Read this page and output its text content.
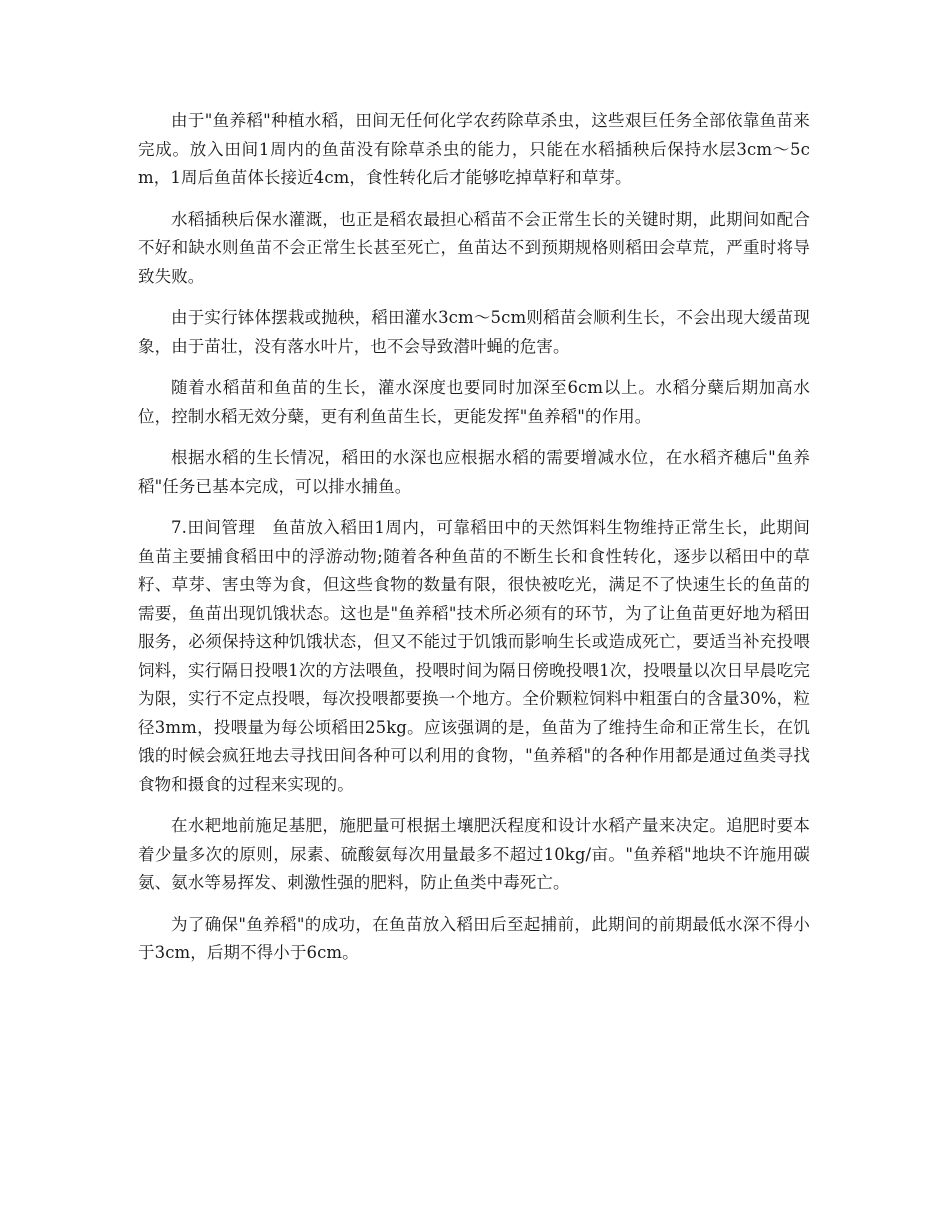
由于"鱼养稻"种植水稻，田间无任何化学农药除草杀虫，这些艰巨任务全部依靠鱼苗来完成。放入田间1周内的鱼苗没有除草杀虫的能力，只能在水稻插秧后保持水层3cm～5cm，1周后鱼苗体长接近4cm，食性转化后才能够吃掉草籽和草芽。

水稻插秧后保水灌溉，也正是稻农最担心稻苗不会正常生长的关键时期，此期间如配合不好和缺水则鱼苗不会正常生长甚至死亡，鱼苗达不到预期规格则稻田会草荒，严重时将导致失败。

由于实行钵体摆栽或抛秧，稻田灌水3cm～5cm则稻苗会顺利生长，不会出现大缓苗现象，由于苗壮，没有落水叶片，也不会导致潜叶蝇的危害。

随着水稻苗和鱼苗的生长，灌水深度也要同时加深至6cm以上。水稻分蘖后期加高水位，控制水稻无效分蘖，更有利鱼苗生长，更能发挥"鱼养稻"的作用。

根据水稻的生长情况，稻田的水深也应根据水稻的需要增减水位，在水稻齐穗后"鱼养稻"任务已基本完成，可以排水捕鱼。

7.田间管理　鱼苗放入稻田1周内，可靠稻田中的天然饵料生物维持正常生长，此期间鱼苗主要捕食稻田中的浮游动物;随着各种鱼苗的不断生长和食性转化，逐步以稻田中的草籽、草芽、害虫等为食，但这些食物的数量有限，很快被吃光，满足不了快速生长的鱼苗的需要，鱼苗出现饥饿状态。这也是"鱼养稻"技术所必须有的环节，为了让鱼苗更好地为稻田服务，必须保持这种饥饿状态，但又不能过于饥饿而影响生长或造成死亡，要适当补充投喂饲料，实行隔日投喂1次的方法喂鱼，投喂时间为隔日傍晚投喂1次，投喂量以次日早晨吃完为限，实行不定点投喂，每次投喂都要换一个地方。全价颗粒饲料中粗蛋白的含量30%，粒径3mm，投喂量为每公顷稻田25kg。应该强调的是，鱼苗为了维持生命和正常生长，在饥饿的时候会疯狂地去寻找田间各种可以利用的食物，"鱼养稻"的各种作用都是通过鱼类寻找食物和摄食的过程来实现的。

在水耙地前施足基肥，施肥量可根据土壤肥沃程度和设计水稻产量来决定。追肥时要本着少量多次的原则，尿素、硫酸氨每次用量最多不超过10kg/亩。"鱼养稻"地块不许施用碳氨、氨水等易挥发、刺激性强的肥料，防止鱼类中毒死亡。

为了确保"鱼养稻"的成功，在鱼苗放入稻田后至起捕前，此期间的前期最低水深不得小于3cm，后期不得小于6cm。
